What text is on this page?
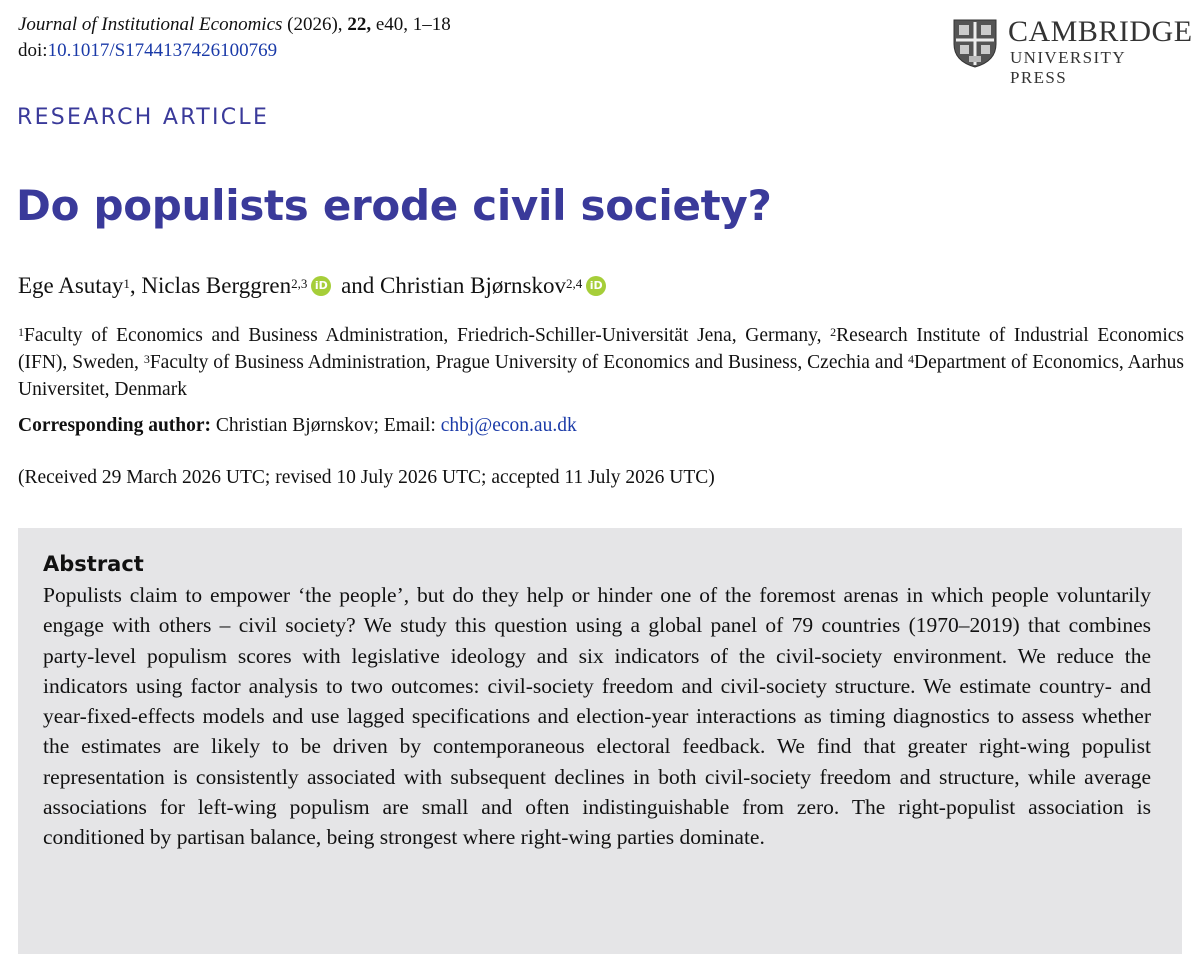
Journal of Institutional Economics (2026), 22, e40, 1–18
doi:10.1017/S1744137426100769
CAMBRIDGE
UNIVERSITY PRESS
RESEARCH ARTICLE
Do populists erode civil society?
Ege Asutay$^1$, Niclas Berggren$^{2,3}$ iD and Christian Bjørnskov$^{2,4}$ iD
$^1$Faculty of Economics and Business Administration, Friedrich-Schiller-Universität Jena, Germany, $^2$Research Institute of Industrial Economics (IFN), Sweden, $^3$Faculty of Business Administration, Prague University of Economics and Business, Czechia and $^4$Department of Economics, Aarhus Universitet, Denmark
Corresponding author: Christian Bjørnskov; Email: chbj@econ.au.dk
(Received 29 March 2026 UTC; revised 10 July 2026 UTC; accepted 11 July 2026 UTC)
Abstract
Populists claim to empower ‘the people’, but do they help or hinder one of the foremost arenas in which people voluntarily engage with others – civil society? We study this question using a global panel of 79 countries (1970–2019) that combines party-level populism scores with legislative ideology and six indicators of the civil-society environment. We reduce the indicators using factor analysis to two outcomes: civil-society freedom and civil-society structure. We estimate country- and year-fixed-effects models and use lagged specifications and election-year interactions as timing diagnostics to assess whether the estimates are likely to be driven by contemporaneous electoral feedback. We find that greater right-wing populist representation is consistently associated with subsequent declines in both civil-society freedom and structure, while average associations for left-wing populism are small and often indistinguishable from zero. The right-populist association is conditioned by partisan balance, being strongest where right-wing parties dominate.
